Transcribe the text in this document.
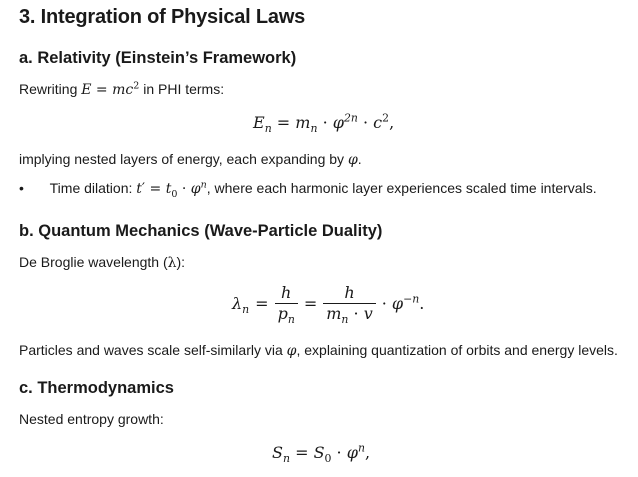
3. Integration of Physical Laws
a. Relativity (Einstein’s Framework)
Rewriting $E = mc^2$ in PHI terms:
$E_n = m_n \cdot \varphi^{2n} \cdot c^2$,
implying nested layers of energy, each expanding by φ.
• Time dilation: $t' = t_0 \cdot \varphi^n$, where each harmonic layer experiences scaled time intervals.
b. Quantum Mechanics (Wave-Particle Duality)
De Broglie wavelength (λ):
$\lambda_n = \frac{h}{p_n} = \frac{h}{m_n \cdot v} \cdot \varphi^{-n}$.
Particles and waves scale self-similarly via φ, explaining quantization of orbits and energy levels.
c. Thermodynamics
Nested entropy growth:
$S_n = S_0 \cdot \varphi^n$,
